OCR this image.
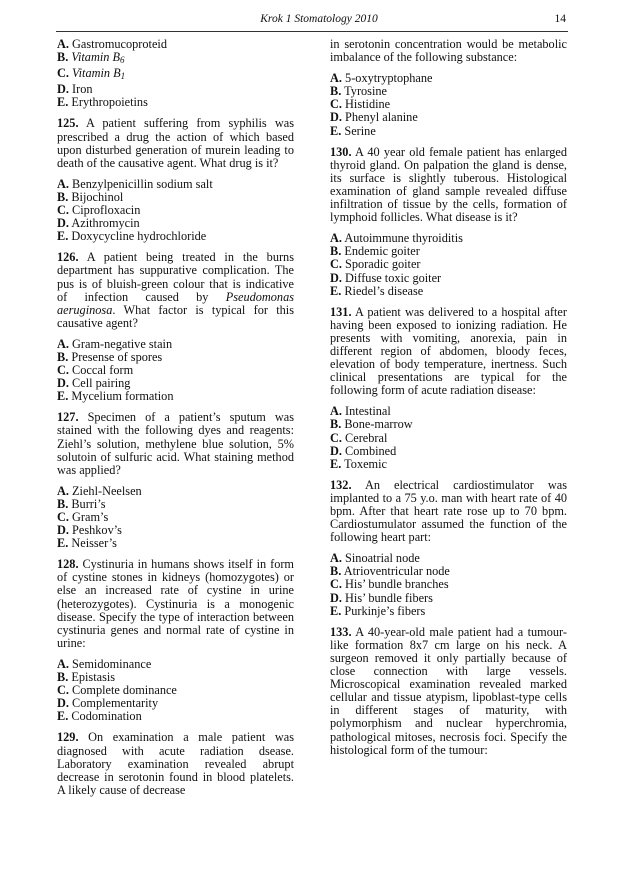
Krok 1 Stomatology 2010	14
A. Gastromucoproteid
B. Vitamin $B_6$
C. Vitamin $B_1$
D. Iron
E. Erythropoietins

125. A patient suffering from syphilis was prescribed a drug the action of which based upon disturbed generation of murein leading to death of the causative agent. What drug is it?

A. Benzylpenicillin sodium salt
B. Bijochinol
C. Ciprofloxacin
D. Azithromycin
E. Doxycycline hydrochloride

126. A patient being treated in the burns department has suppurative complication. The pus is of bluish-green colour that is indicative of infection caused by Pseudomonas aeruginosa. What factor is typical for this causative agent?

A. Gram-negative stain
B. Presense of spores
C. Coccal form
D. Cell pairing
E. Mycelium formation

127. Specimen of a patient’s sputum was stained with the following dyes and reagents: Ziehl’s solution, methylene blue solution, 5% solutoin of sulfuric acid. What staining method was applied?

A. Ziehl-Neelsen
B. Burri’s
C. Gram’s
D. Peshkov’s
E. Neisser’s

128. Cystinuria in humans shows itself in form of cystine stones in kidneys (homozygotes) or else an increased rate of cystine in urine (heterozygotes). Cystinuria is a monogenic disease. Specify the type of interaction between cystinuria genes and normal rate of cystine in urine:

A. Semidominance
B. Epistasis
C. Complete dominance
D. Complementarity
E. Codomination

129. On examination a male patient was diagnosed with acute radiation dsease. Laboratory examination revealed abrupt decrease in serotonin found in blood platelets. A likely cause of decrease

in serotonin concentration would be metabolic imbalance of the following substance:

A. 5-oxytryptophane
B. Tyrosine
C. Histidine
D. Phenyl alanine
E. Serine

130. A 40 year old female patient has enlarged thyroid gland. On palpation the gland is dense, its surface is slightly tuberous. Histological examination of gland sample revealed diffuse infiltration of tissue by the cells, formation of lymphoid follicles. What disease is it?

A. Autoimmune thyroiditis
B. Endemic goiter
C. Sporadic goiter
D. Diffuse toxic goiter
E. Riedel’s disease

131. A patient was delivered to a hospital after having been exposed to ionizing radiation. He presents with vomiting, anorexia, pain in different region of abdomen, bloody feces, elevation of body temperature, inertness. Such clinical presentations are typical for the following form of acute radiation disease:

A. Intestinal
B. Bone-marrow
C. Cerebral
D. Combined
E. Toxemic

132. An electrical cardiostimulator was implanted to a 75 y.o. man with heart rate of 40 bpm. After that heart rate rose up to 70 bpm. Cardiostumulator assumed the function of the following heart part:

A. Sinoatrial node
B. Atrioventricular node
C. His’ bundle branches
D. His’ bundle fibers
E. Purkinje’s fibers

133. A 40-year-old male patient had a tumour-like formation 8x7 cm large on his neck. A surgeon removed it only partially because of close connection with large vessels. Microscopical examination revealed marked cellular and tissue atypism, lipoblast-type cells in different stages of maturity, with polymorphism and nuclear hyperchromia, pathological mitoses, necrosis foci. Specify the histological form of the tumour:
